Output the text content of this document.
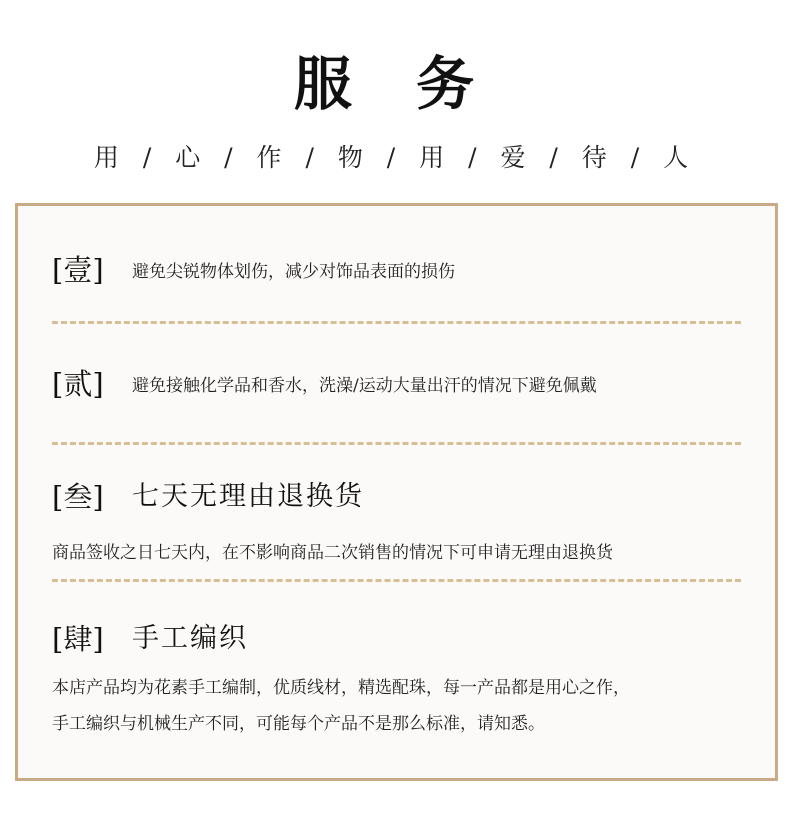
服 务
用 / 心 / 作 / 物 / 用 / 爱 / 待 / 人
[壹] 避免尖锐物体划伤，减少对饰品表面的损伤
[贰] 避免接触化学品和香水，洗澡/运动大量出汗的情况下避免佩戴
[叁] 七天无理由退换货
商品签收之日七天内，在不影响商品二次销售的情况下可申请无理由退换货
[肆] 手工编织
本店产品均为花素手工编制，优质线材，精选配珠，每一产品都是用心之作，
手工编织与机械生产不同，可能每个产品不是那么标准，请知悉。
